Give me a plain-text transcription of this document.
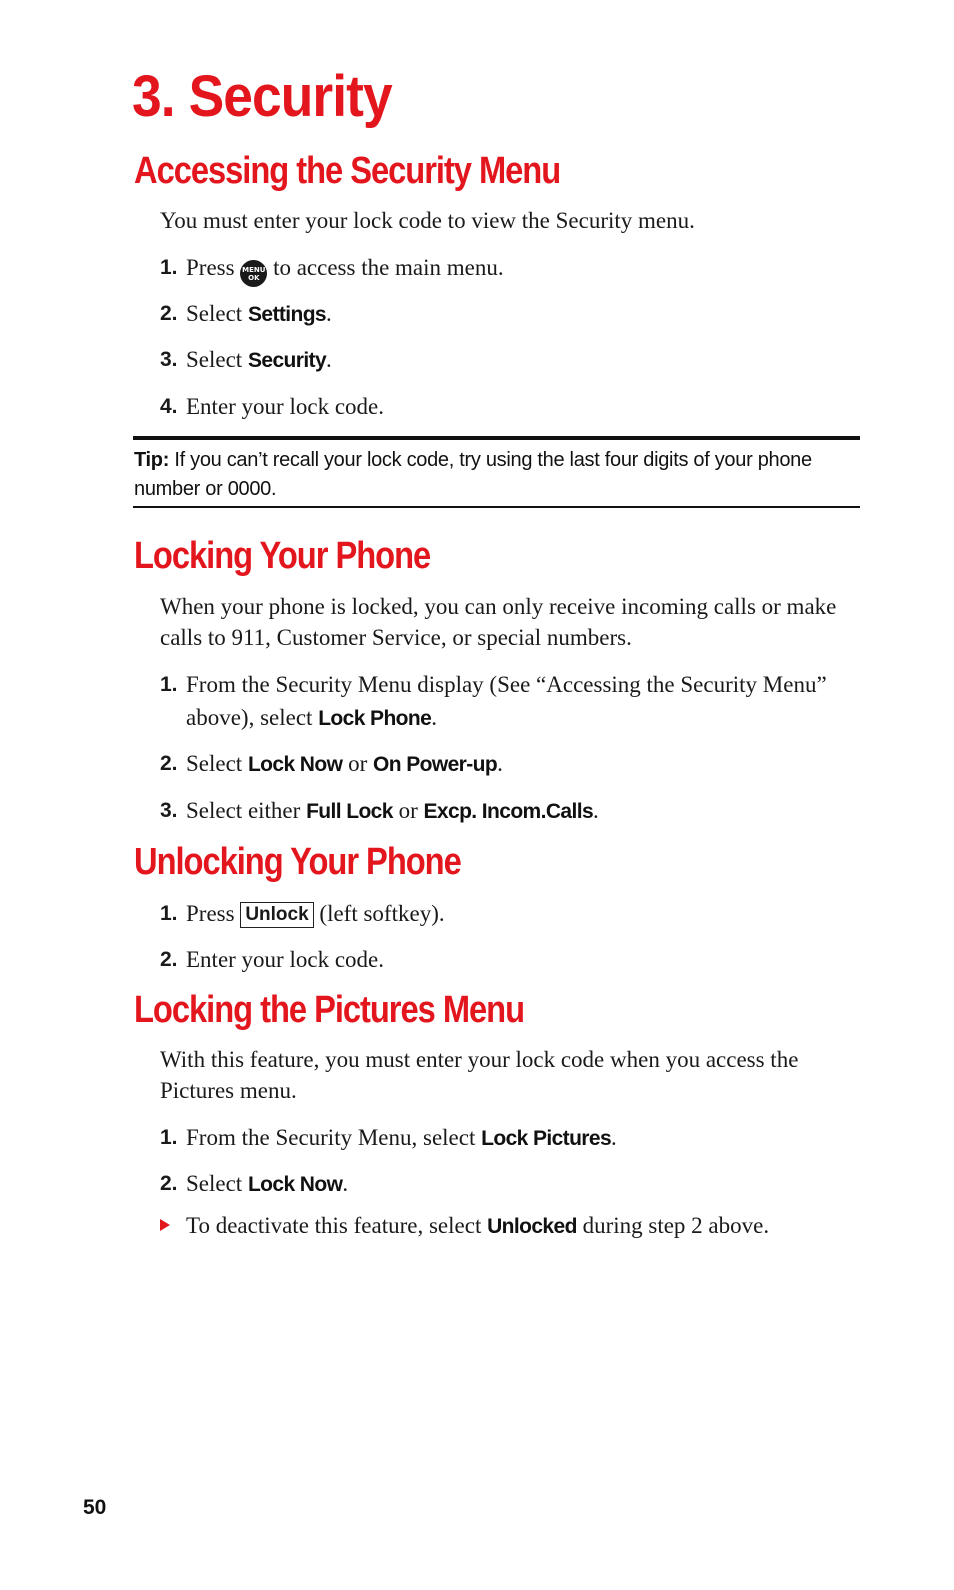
3. Security
Accessing the Security Menu
You must enter your lock code to view the Security menu.
1. Press MENU
OK to access the main menu.
2. Select Settings.
3. Select Security.
4. Enter your lock code.
Tip: If you can’t recall your lock code, try using the last four digits of your phone number or 0000.
Locking Your Phone
When your phone is locked, you can only receive incoming calls or make calls to 911, Customer Service, or special numbers.
1. From the Security Menu display (See “Accessing the Security Menu” above), select Lock Phone.
2. Select Lock Now or On Power-up.
3. Select either Full Lock or Excp. Incom.Calls.
Unlocking Your Phone
1. Press Unlock (left softkey).
2. Enter your lock code.
Locking the Pictures Menu
With this feature, you must enter your lock code when you access the Pictures menu.
1. From the Security Menu, select Lock Pictures.
2. Select Lock Now.
To deactivate this feature, select Unlocked during step 2 above.
50
